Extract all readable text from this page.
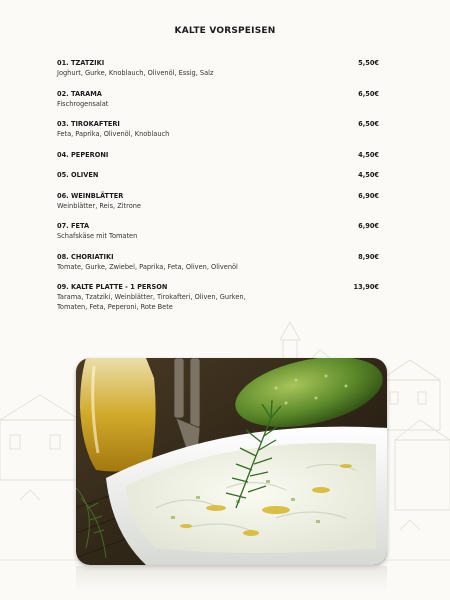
KALTE VORSPEISEN
01. TZATZIKI	5,50€
Joghurt, Gurke, Knoblauch, Olivenöl, Essig, Salz
02. TARAMA	6,50€
Fischrogensalat
03. TIROKAFTERI	6,50€
Feta, Paprika, Olivenöl, Knoblauch
04. PEPERONI	4,50€
05. OLIVEN	4,50€
06. WEINBLÄTTER	6,90€
Weinblätter, Reis, Zitrone
07. FETA	6,90€
Schafskäse mit Tomaten
08. CHORIATIKI	8,90€
Tomate, Gurke, Zwiebel, Paprika, Feta, Oliven, Olivenöl
09. KALTE PLATTE - 1 PERSON	13,90€
Tarama, Tzatziki, Weinblätter, Tirokafteri, Oliven, Gurken, Tomaten, Feta, Peperoni, Rote Bete
